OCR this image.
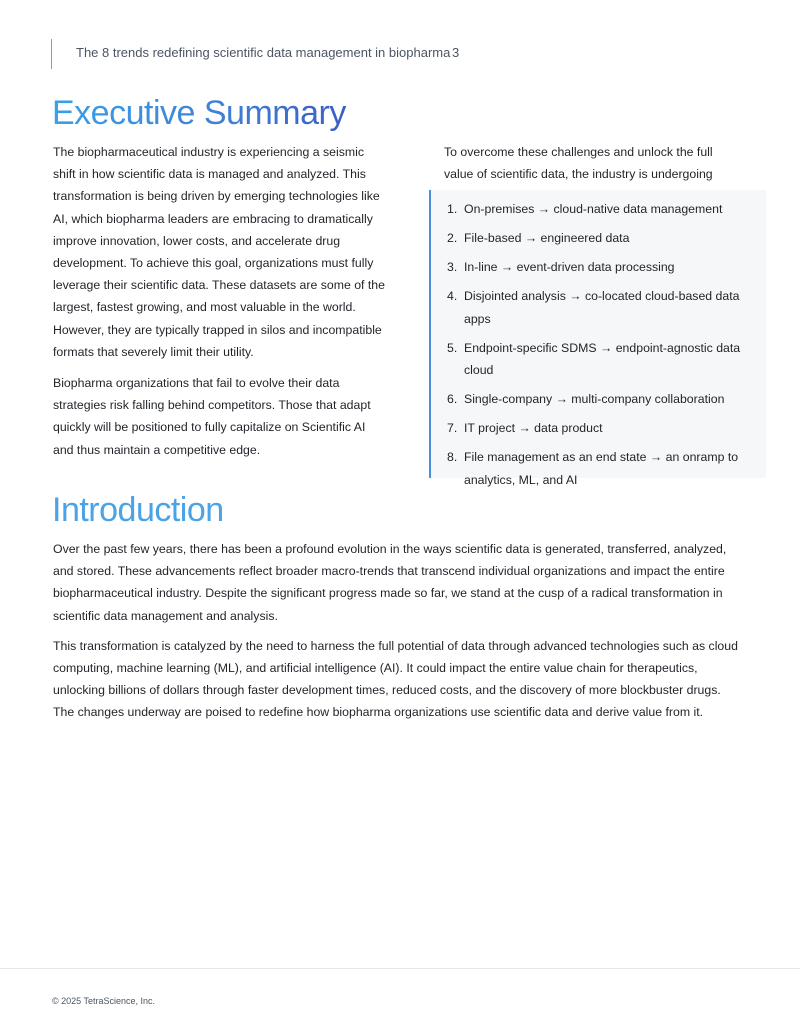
The 8 trends redefining scientific data management in biopharma 3
Executive Summary

The biopharmaceutical industry is experiencing a seismic shift in how scientific data is managed and analyzed. This transformation is being driven by emerging technologies like AI, which biopharma leaders are embracing to dramatically improve innovation, lower costs, and accelerate drug development. To achieve this goal, organizations must fully leverage their scientific data. These datasets are some of the largest, fastest growing, and most valuable in the world. However, they are typically trapped in silos and incompatible formats that severely limit their utility.

Biopharma organizations that fail to evolve their data strategies risk falling behind competitors. Those that adapt quickly will be positioned to fully capitalize on Scientific AI and thus maintain a competitive edge.

To overcome these challenges and unlock the full value of scientific data, the industry is undergoing

1. On-premises → cloud-native data management
2. File-based → engineered data
3. In-line → event-driven data processing
4. Disjointed analysis → co-located cloud-based data apps
5. Endpoint-specific SDMS → endpoint-agnostic data cloud
6. Single-company → multi-company collaboration
7. IT project → data product
8. File management as an end state → an onramp to analytics, ML, and AI
Introduction

Over the past few years, there has been a profound evolution in the ways scientific data is generated, transferred, analyzed, and stored. These advancements reflect broader macro-trends that transcend individual organizations and impact the entire biopharmaceutical industry. Despite the significant progress made so far, we stand at the cusp of a radical transformation in scientific data management and analysis.

This transformation is catalyzed by the need to harness the full potential of data through advanced technologies such as cloud computing, machine learning (ML), and artificial intelligence (AI). It could impact the entire value chain for therapeutics, unlocking billions of dollars through faster development times, reduced costs, and the discovery of more blockbuster drugs. The changes underway are poised to redefine how biopharma organizations use scientific data and derive value from it.

© 2025 TetraScience, Inc.
